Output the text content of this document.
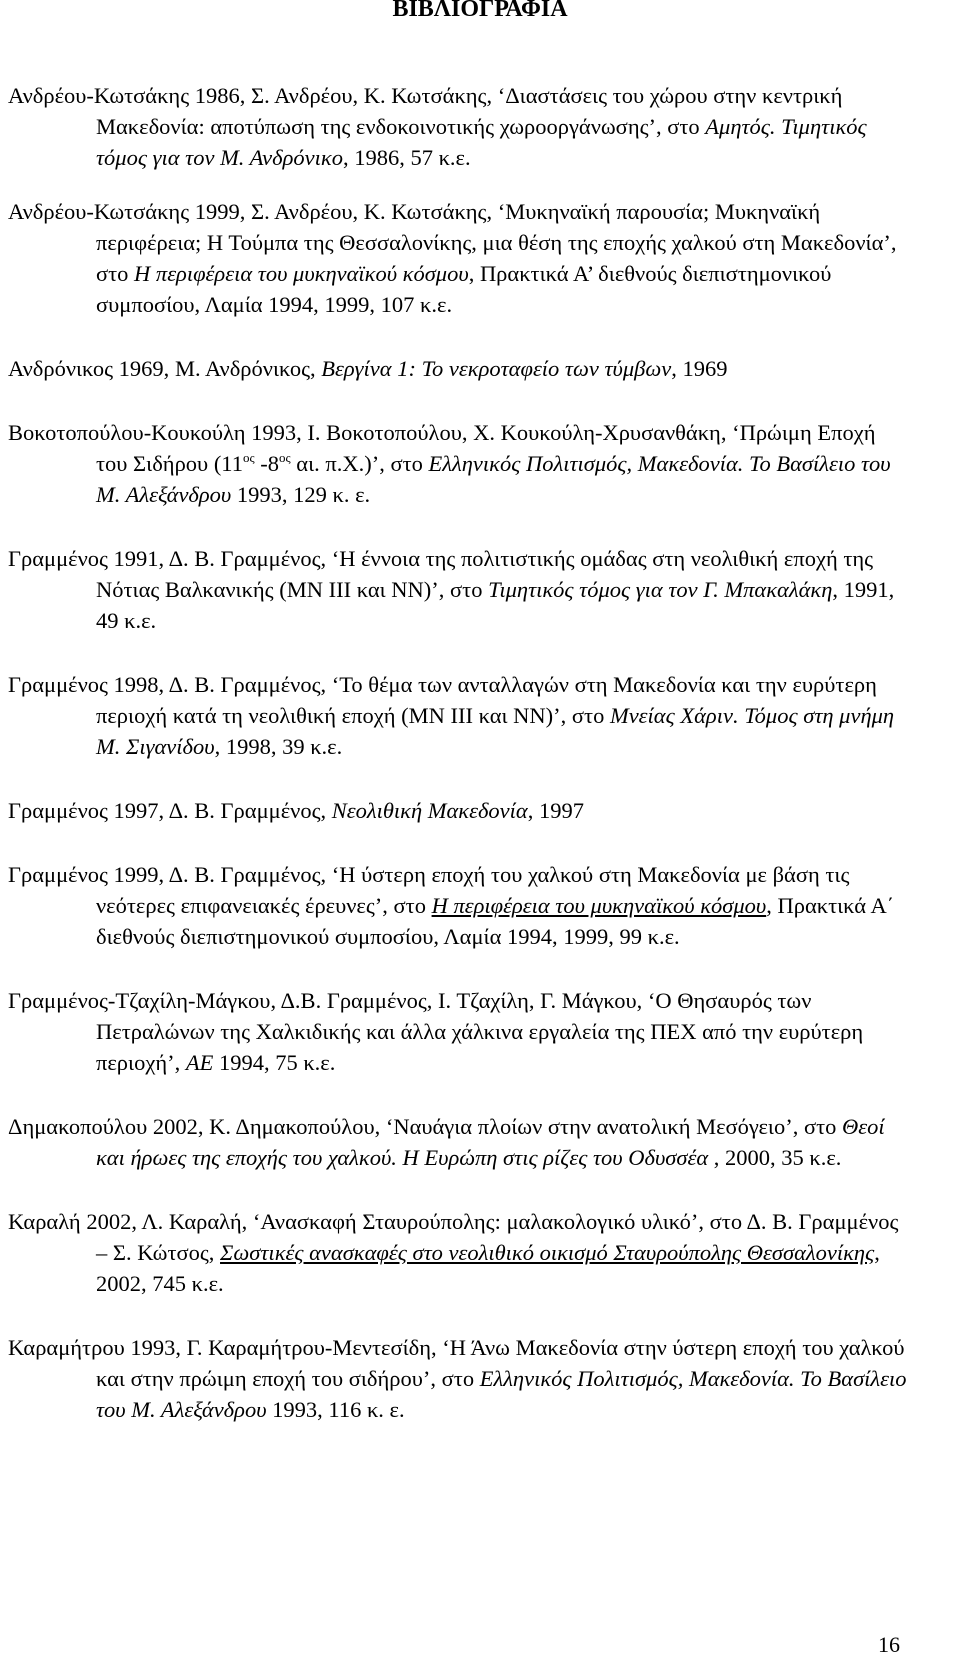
ΒΙΒΛΙΟΓΡΑΦΙΑ

Ανδρέου-Κωτσάκης 1986, Σ. Ανδρέου, Κ. Κωτσάκης, ‘Διαστάσεις του χώρου στην κεντρική Μακεδονία: αποτύπωση της ενδοκοινοτικής χωροοργάνωσης’, στο Αμητός. Τιμητικός τόμος για τον Μ. Ανδρόνικο, 1986, 57 κ.ε.

Ανδρέου-Κωτσάκης 1999, Σ. Ανδρέου, Κ. Κωτσάκης, ‘Μυκηναϊκή παρουσία; Μυκηναϊκή περιφέρεια; Η Τούμπα της Θεσσαλονίκης, μια θέση της εποχής χαλκού στη Μακεδονία’, στο Η περιφέρεια του μυκηναϊκού κόσμου, Πρακτικά Α’ διεθνούς διεπιστημονικού συμποσίου, Λαμία 1994, 1999, 107 κ.ε.

Ανδρόνικος 1969, Μ. Ανδρόνικος, Βεργίνα 1: Το νεκροταφείο των τύμβων, 1969

Βοκοτοπούλου-Κουκούλη 1993, Ι. Βοκοτοπούλου, Χ. Κουκούλη-Χρυσανθάκη, ‘Πρώιμη Εποχή του Σιδήρου ($11^{o\varsigma}$ $-8^{o\varsigma}$ αι. π.Χ.)’, στο Ελληνικός Πολιτισμός, Μακεδονία. Το Βασίλειο του Μ. Αλεξάνδρου 1993, 129 κ. ε.

Γραμμένος 1991, Δ. Β. Γραμμένος, ‘Η έννοια της πολιτιστικής ομάδας στη νεολιθική εποχή της Νότιας Βαλκανικής (ΜΝ ΙΙΙ και ΝΝ)’, στο Τιμητικός τόμος για τον Γ. Μπακαλάκη, 1991, 49 κ.ε.

Γραμμένος 1998, Δ. Β. Γραμμένος, ‘Το θέμα των ανταλλαγών στη Μακεδονία και την ευρύτερη περιοχή κατά τη νεολιθική εποχή (ΜΝ ΙΙΙ και ΝΝ)’, στο Μνείας Χάριν. Τόμος στη μνήμη Μ. Σιγανίδου, 1998, 39 κ.ε.

Γραμμένος 1997, Δ. Β. Γραμμένος, Νεολιθική Μακεδονία, 1997

Γραμμένος 1999, Δ. Β. Γραμμένος, ‘Η ύστερη εποχή του χαλκού στη Μακεδονία με βάση τις νεότερες επιφανειακές έρευνες’, στο Η περιφέρεια του μυκηναϊκού κόσμου, Πρακτικά Α΄ διεθνούς διεπιστημονικού συμποσίου, Λαμία 1994, 1999, 99 κ.ε.

Γραμμένος-Τζαχίλη-Μάγκου, Δ.Β. Γραμμένος, Ι. Τζαχίλη, Γ. Μάγκου, ‘Ο Θησαυρός των Πετραλώνων της Χαλκιδικής και άλλα χάλκινα εργαλεία της ΠΕΧ από την ευρύτερη περιοχή’, ΑΕ 1994, 75 κ.ε.

Δημακοπούλου 2002, Κ. Δημακοπούλου, ‘Ναυάγια πλοίων στην ανατολική Μεσόγειο’, στο Θεοί και ήρωες της εποχής του χαλκού. Η Ευρώπη στις ρίζες του Οδυσσέα , 2000, 35 κ.ε.

Καραλή 2002, Λ. Καραλή, ‘Ανασκαφή Σταυρούπολης: μαλακολογικό υλικό’, στο Δ. Β. Γραμμένος – Σ. Κώτσος, Σωστικές ανασκαφές στο νεολιθικό οικισμό Σταυρούπολης Θεσσαλονίκης, 2002, 745 κ.ε.

Καραμήτρου 1993, Γ. Καραμήτρου-Μεντεσίδη, ‘Η Άνω Μακεδονία στην ύστερη εποχή του χαλκού και στην πρώιμη εποχή του σιδήρου’, στο Ελληνικός Πολιτισμός, Μακεδονία. Το Βασίλειο του Μ. Αλεξάνδρου 1993, 116 κ. ε.

16
